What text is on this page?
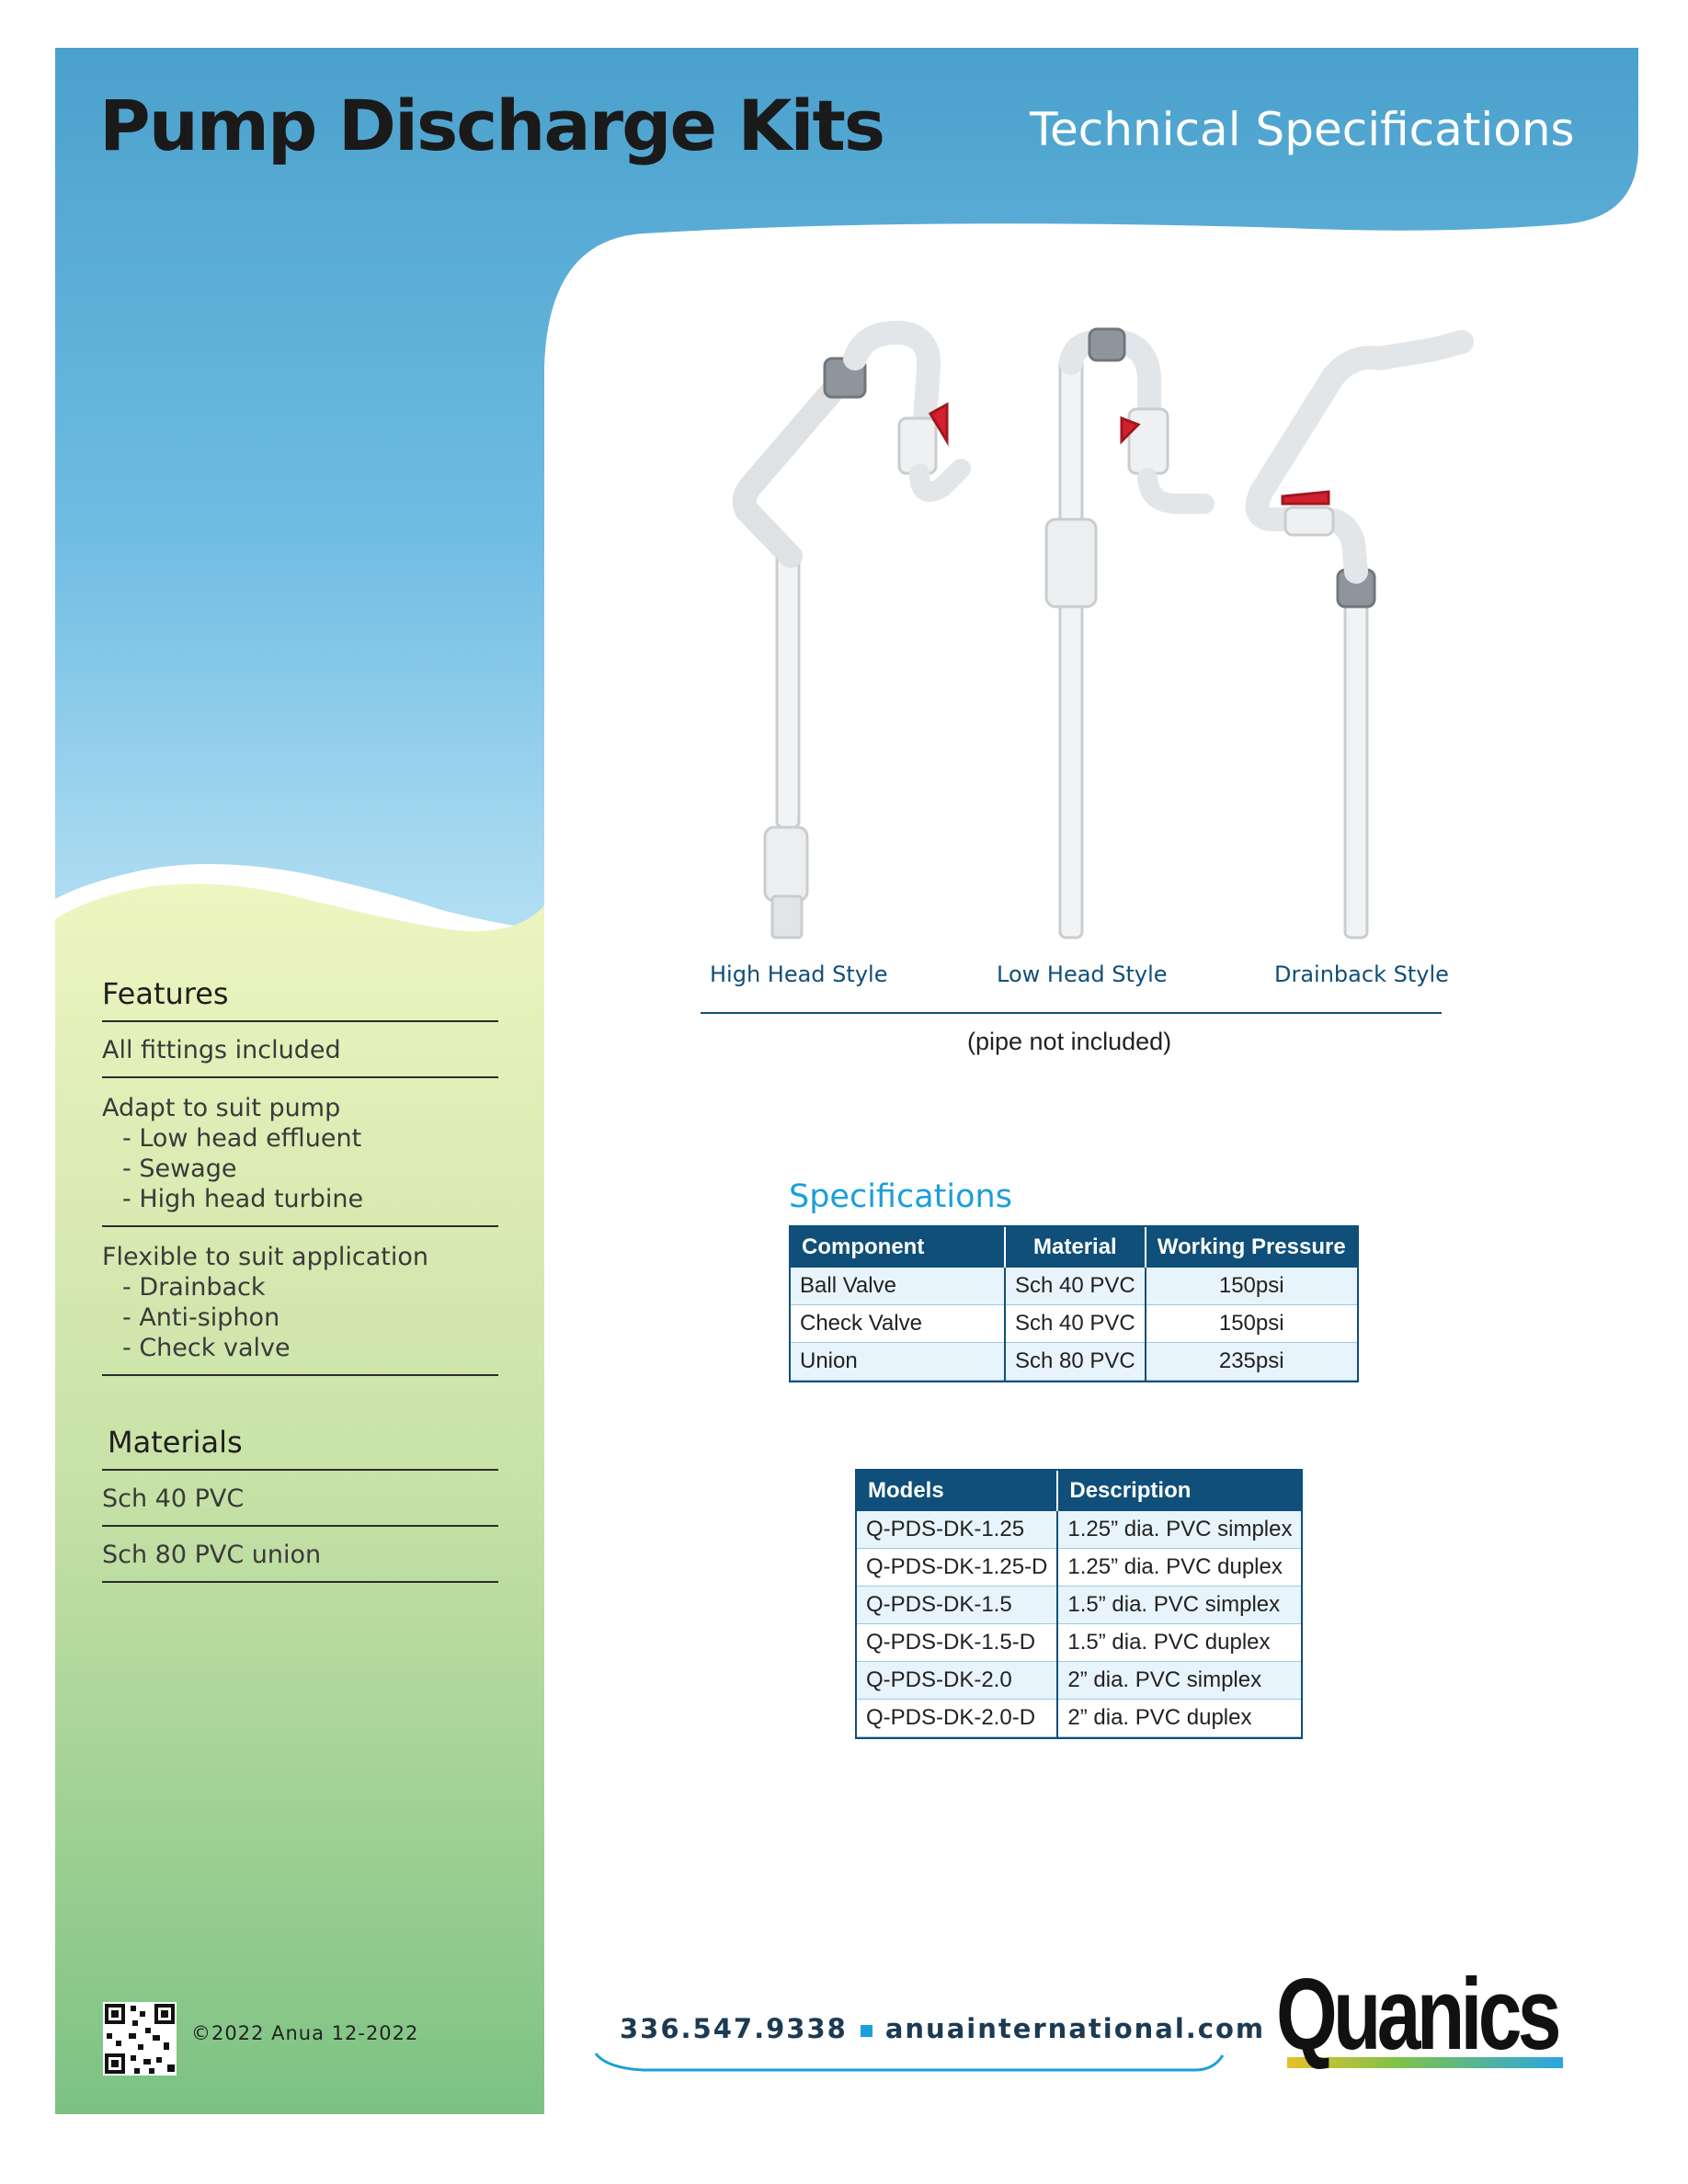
Pump Discharge Kits	Technical Specifications
Features
All fittings included
Adapt to suit pump
- Low head effluent
- Sewage
- High head turbine
Flexible to suit application
- Drainback
- Anti-siphon
- Check valve
Materials
Sch 40 PVC
Sch 80 PVC union
High Head Style	Low Head Style	Drainback Style
(pipe not included)
Specifications
Component	Material	Working Pressure
Ball Valve	Sch 40 PVC	150psi
Check Valve	Sch 40 PVC	150psi
Union	Sch 80 PVC	235psi
Models	Description
Q-PDS-DK-1.25	1.25” dia. PVC simplex
Q-PDS-DK-1.25-D	1.25” dia. PVC duplex
Q-PDS-DK-1.5	1.5” dia. PVC simplex
Q-PDS-DK-1.5-D	1.5” dia. PVC duplex
Q-PDS-DK-2.0	2” dia. PVC simplex
Q-PDS-DK-2.0-D	2” dia. PVC duplex
©2022 Anua 12-2022	336.547.9338 anuainternational.com Quanics
